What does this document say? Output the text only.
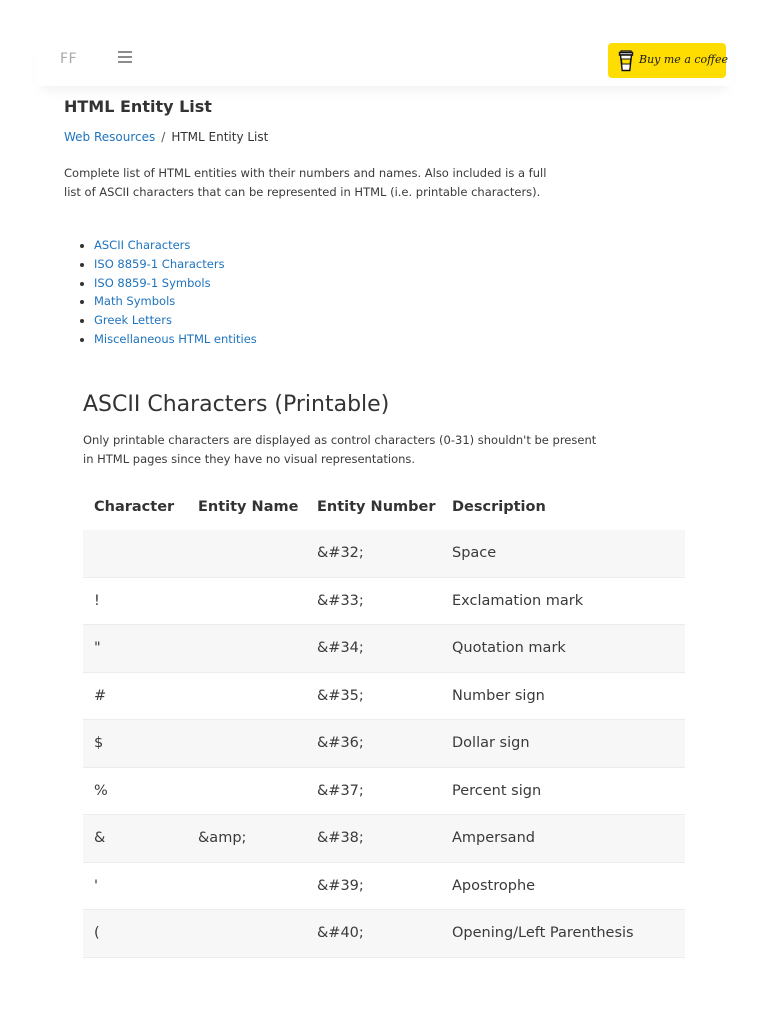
FF	Buy me a coffee
HTML Entity List
Web Resources / HTML Entity List

Complete list of HTML entities with their numbers and names. Also included is a full list of ASCII characters that can be represented in HTML (i.e. printable characters).

• ASCII Characters
• ISO 8859-1 Characters
• ISO 8859-1 Symbols
• Math Symbols
• Greek Letters
• Miscellaneous HTML entities
ASCII Characters (Printable)

Only printable characters are displayed as control characters (0-31) shouldn't be present in HTML pages since they have no visual representations.

Character	Entity Name	Entity Number	Description
		&#32;	Space
!		&#33;	Exclamation mark
"		&#34;	Quotation mark
#		&#35;	Number sign
$		&#36;	Dollar sign
%		&#37;	Percent sign
&	&amp;	&#38;	Ampersand
'		&#39;	Apostrophe
(		&#40;	Opening/Left Parenthesis
